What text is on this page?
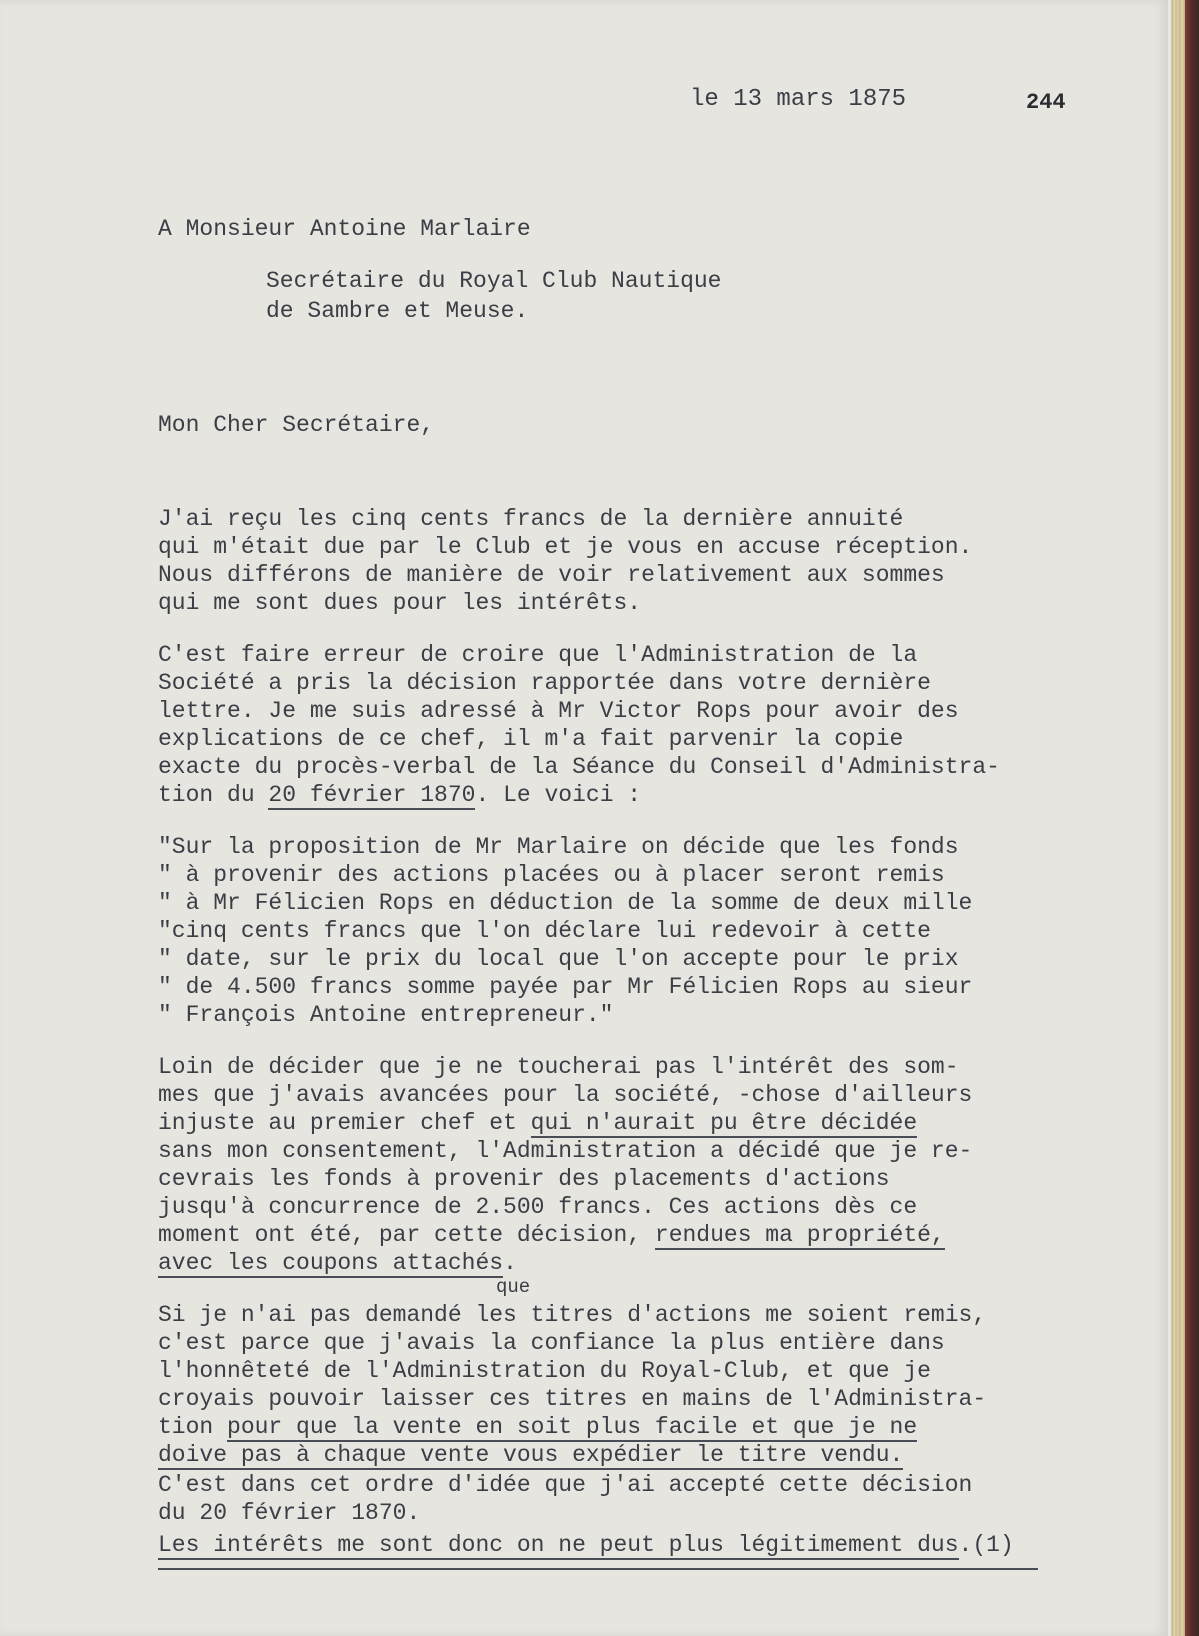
le 13 mars 1875	244
A Monsieur Antoine Marlaire
Secrétaire du Royal Club Nautique
de Sambre et Meuse.
Mon Cher Secrétaire,
J'ai reçu les cinq cents francs de la dernière annuité
qui m'était due par le Club et je vous en accuse réception.
Nous différons de manière de voir relativement aux sommes
qui me sont dues pour les intérêts.
C'est faire erreur de croire que l'Administration de la
Société a pris la décision rapportée dans votre dernière
lettre. Je me suis adressé à Mr Victor Rops pour avoir des
explications de ce chef, il m'a fait parvenir la copie
exacte du procès-verbal de la Séance du Conseil d'Administra-
tion du 20 février 1870. Le voici :
"Sur la proposition de Mr Marlaire on décide que les fonds
" à provenir des actions placées ou à placer seront remis
" à Mr Félicien Rops en déduction de la somme de deux mille
"cinq cents francs que l'on déclare lui redevoir à cette
" date, sur le prix du local que l'on accepte pour le prix
" de 4.500 francs somme payée par Mr Félicien Rops au sieur
" François Antoine entrepreneur."
Loin de décider que je ne toucherai pas l'intérêt des som-
mes que j'avais avancées pour la société, -chose d'ailleurs
injuste au premier chef et qui n'aurait pu être décidée
sans mon consentement, l'Administration a décidé que je re-
cevrais les fonds à provenir des placements d'actions
jusqu'à concurrence de 2.500 francs. Ces actions dès ce
moment ont été, par cette décision, rendues ma propriété,
avec les coupons attachés.
que
Si je n'ai pas demandé les titres d'actions me soient remis,
c'est parce que j'avais la confiance la plus entière dans
l'honnêteté de l'Administration du Royal-Club, et que je
croyais pouvoir laisser ces titres en mains de l'Administra-
tion pour que la vente en soit plus facile et que je ne
doive pas à chaque vente vous expédier le titre vendu.
C'est dans cet ordre d'idée que j'ai accepté cette décision
du 20 février 1870.
Les intérêts me sont donc on ne peut plus légitimement dus.(1)
